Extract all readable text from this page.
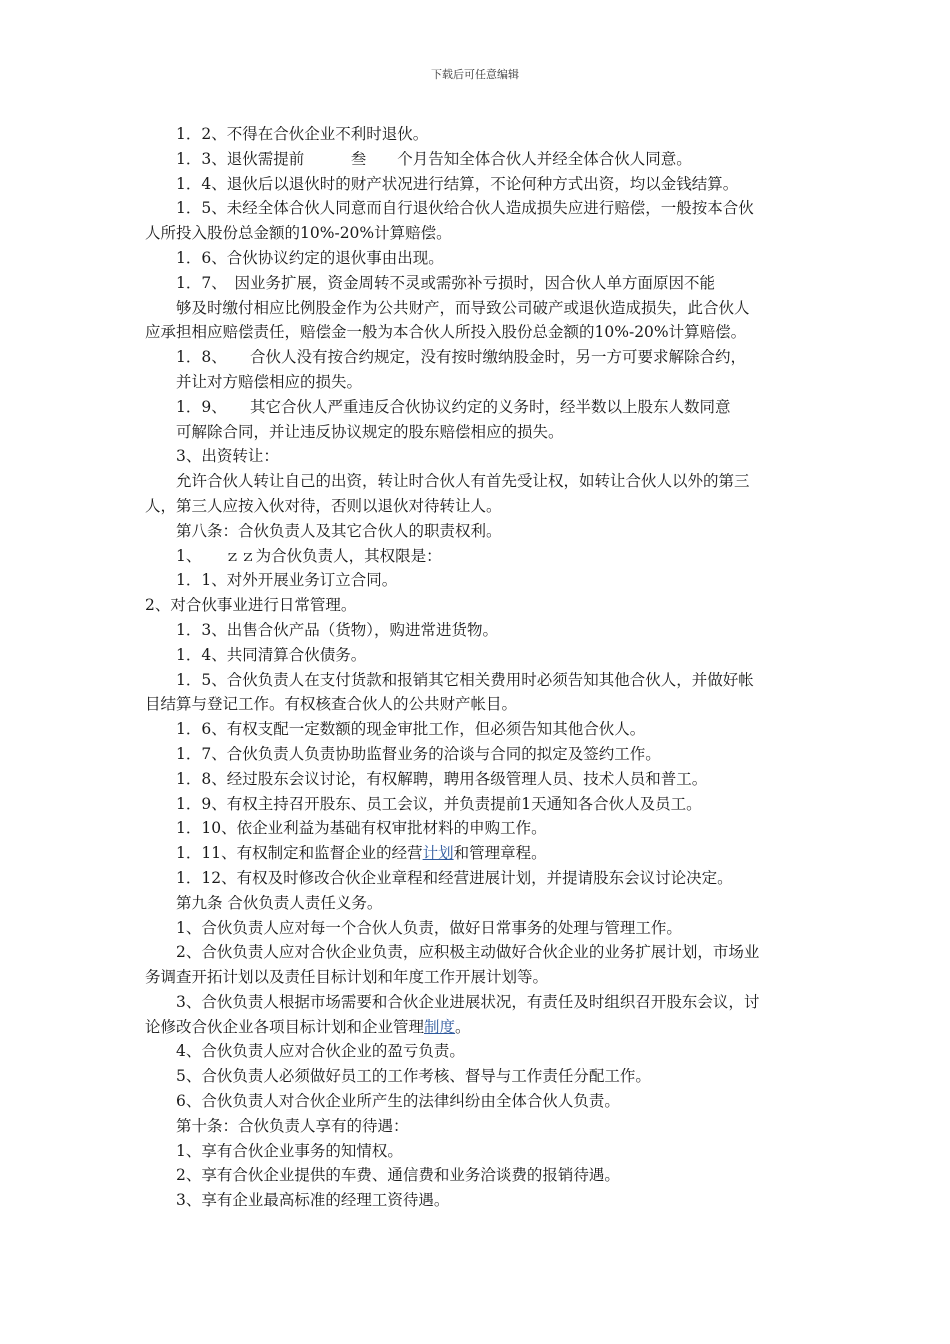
下载后可任意编辑
1．2、不得在合伙企业不利时退伙。
1．3、退伙需提前　　　叁　　个月告知全体合伙人并经全体合伙人同意。
1．4、退伙后以退伙时的财产状况进行结算，不论何种方式出资，均以金钱结算。
1．5、未经全体合伙人同意而自行退伙给合伙人造成损失应进行赔偿，一般按本合伙
人所投入股份总金额的10%-20%计算赔偿。
1．6、合伙协议约定的退伙事由出现。
1．7、　因业务扩展，资金周转不灵或需弥补亏损时，因合伙人单方面原因不能
够及时缴付相应比例股金作为公共财产，而导致公司破产或退伙造成损失，此合伙人
应承担相应赔偿责任，赔偿金一般为本合伙人所投入股份总金额的10%-20%计算赔偿。
1．8、　　合伙人没有按合约规定，没有按时缴纳股金时，另一方可要求解除合约，
并让对方赔偿相应的损失。
1．9、　　其它合伙人严重违反合伙协议约定的义务时，经半数以上股东人数同意
可解除合同，并让违反协议规定的股东赔偿相应的损失。
3、出资转让：
允许合伙人转让自己的出资，转让时合伙人有首先受让权，如转让合伙人以外的第三
人，第三人应按入伙对待，否则以退伙对待转让人。
第八条：合伙负责人及其它合伙人的职责权利。
1、　　ｚｚ为合伙负责人，其权限是：
1．1、对外开展业务订立合同。
2、对合伙事业进行日常管理。
1．3、出售合伙产品（货物），购进常进货物。
1．4、共同清算合伙债务。
1．5、合伙负责人在支付货款和报销其它相关费用时必须告知其他合伙人，并做好帐
目结算与登记工作。有权核查合伙人的公共财产帐目。
1．6、有权支配一定数额的现金审批工作，但必须告知其他合伙人。
1．7、合伙负责人负责协助监督业务的洽谈与合同的拟定及签约工作。
1．8、经过股东会议讨论，有权解聘，聘用各级管理人员、技术人员和普工。
1．9、有权主持召开股东、员工会议，并负责提前1天通知各合伙人及员工。
1．10、依企业利益为基础有权审批材料的申购工作。
1．11、有权制定和监督企业的经营计划和管理章程。
1．12、有权及时修改合伙企业章程和经营进展计划，并提请股东会议讨论决定。
第九条 合伙负责人责任义务。
1、合伙负责人应对每一个合伙人负责，做好日常事务的处理与管理工作。
2、合伙负责人应对合伙企业负责，应积极主动做好合伙企业的业务扩展计划，市场业
务调查开拓计划以及责任目标计划和年度工作开展计划等。
3、合伙负责人根据市场需要和合伙企业进展状况，有责任及时组织召开股东会议，讨
论修改合伙企业各项目标计划和企业管理制度。
4、合伙负责人应对合伙企业的盈亏负责。
5、合伙负责人必须做好员工的工作考核、督导与工作责任分配工作。
6、合伙负责人对合伙企业所产生的法律纠纷由全体合伙人负责。
第十条：合伙负责人享有的待遇：
1、享有合伙企业事务的知情权。
2、享有合伙企业提供的车费、通信费和业务洽谈费的报销待遇。
3、享有企业最高标准的经理工资待遇。
